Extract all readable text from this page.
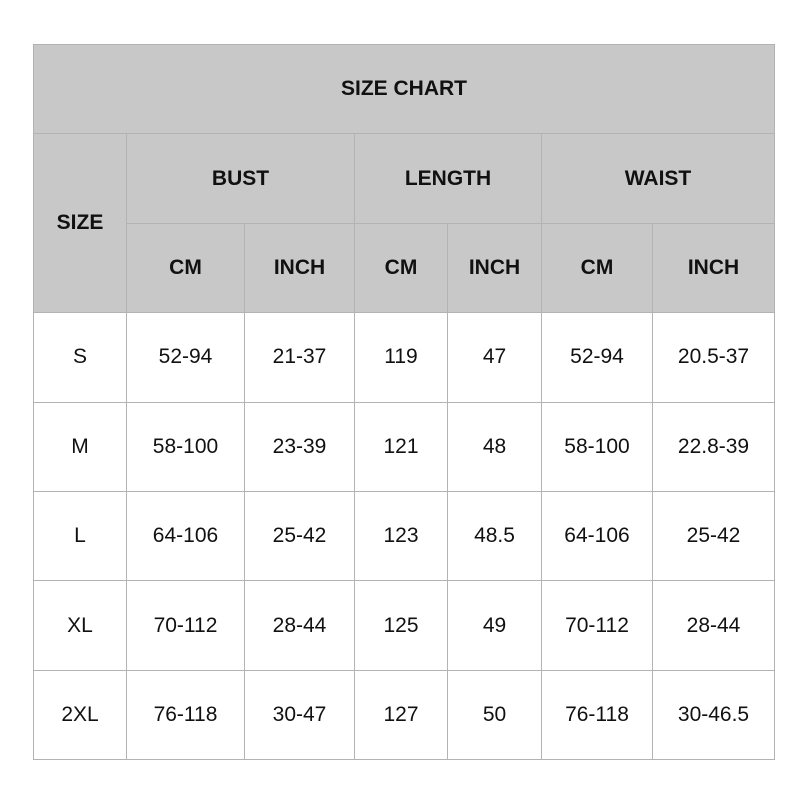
SIZE CHART						
SIZE	BUST		LENGTH		WAIST	
	CM	INCH	CM	INCH	CM	INCH
S	52-94	21-37	119	47	52-94	20.5-37
M	58-100	23-39	121	48	58-100	22.8-39
L	64-106	25-42	123	48.5	64-106	25-42
XL	70-112	28-44	125	49	70-112	28-44
2XL	76-118	30-47	127	50	76-118	30-46.5
